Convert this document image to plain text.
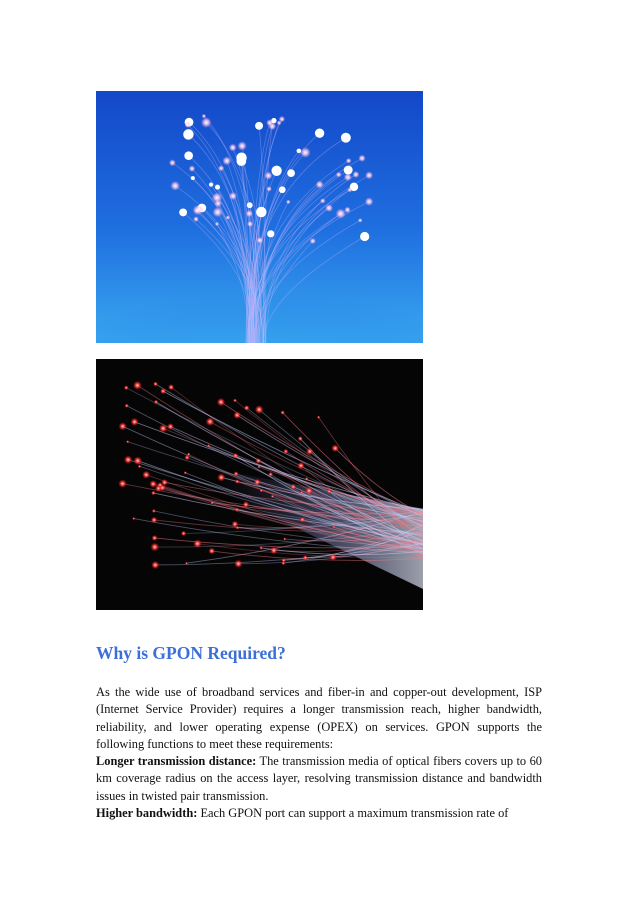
Why is GPON Required?

As the wide use of broadband services and fiber-in and copper-out development, ISP (Internet Service Provider) requires a longer transmission reach, higher bandwidth, reliability, and lower operating expense (OPEX) on services. GPON supports the following functions to meet these requirements:

Longer transmission distance: The transmission media of optical fibers covers up to 60 km coverage radius on the access layer, resolving transmission distance and bandwidth issues in twisted pair transmission.

Higher bandwidth: Each GPON port can support a maximum transmission rate of
